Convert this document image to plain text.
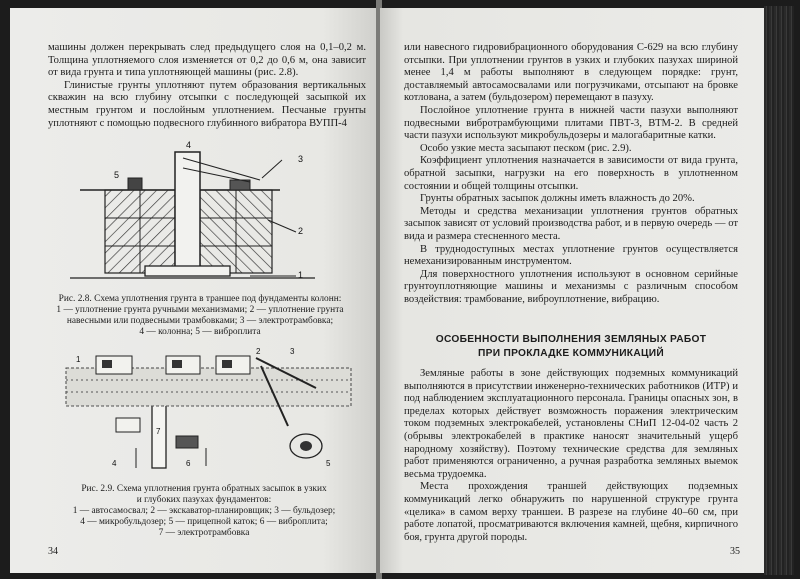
машины должен перекрывать след предыдущего слоя на 0,1–0,2 м. Толщина уплотняемого слоя изменяется от 0,2 до 0,6 м, она зависит от вида грунта и типа уплотняющей машины (рис. 2.8).

Глинистые грунты уплотняют путем образования вертикальных скважин на всю глубину отсыпки с последующей засыпкой их местным грунтом и послойным уплотнением. Песчаные грунты уплотняют с помощью подвесного глубинного вибратора ВУПП-4

5
4
3
2
1

Рис. 2.8. Схема уплотнения грунта в траншее под фундаменты колонн:

1 — уплотнение грунта ручными механизмами; 2 — уплотнение грунта

навесными или подвесными трамбовками; 3 — электротрамбовка;

4 — колонна; 5 — виброплита

1
2	3
4	5
6
7

Рис. 2.9. Схема уплотнения грунта обратных засыпок в узких

и глубоких пазухах фундаментов:

1 — автосамосвал; 2 — экскаватор-планировщик; 3 — бульдозер;

4 — микробульдозер; 5 — прицепной каток; 6 — виброплита;

7 — электротрамбовка

34

или навесного гидровибрационного оборудования С-629 на всю глубину отсыпки. При уплотнении грунтов в узких и глубоких пазухах шириной менее 1,4 м работы выполняют в следующем порядке: грунт, доставляемый автосамосвалами или погрузчиками, отсыпают на бровке котлована, а затем (бульдозером) перемещают в пазуху.

Послойное уплотнение грунта в нижней части пазухи выполняют подвесными вибротрамбующими плитами ПВТ-3, ВТМ-2. В средней части пазухи используют микробульдозеры и малогабаритные катки.

Особо узкие места засыпают песком (рис. 2.9).

Коэффициент уплотнения назначается в зависимости от вида грунта, обратной засыпки, нагрузки на его поверхность в уплотненном состоянии и общей толщины отсыпки.

Грунты обратных засыпок должны иметь влажность до 20%.

Методы и средства механизации уплотнения грунтов обратных засыпок зависят от условий производства работ, и в первую очередь — от вида и размера стесненного места.

В труднодоступных местах уплотнение грунтов осуществляется немеханизированным инструментом.

Для поверхностного уплотнения используют в основном серийные грунтоуплотняющие машины и механизмы с различным способом воздействия: трамбование, виброуплотнение, вибрацию.

ОСОБЕННОСТИ ВЫПОЛНЕНИЯ ЗЕМЛЯНЫХ РАБОТ
ПРИ ПРОКЛАДКЕ КОММУНИКАЦИЙ

Земляные работы в зоне действующих подземных коммуникаций выполняются в присутствии инженерно-технических работников (ИТР) и под наблюдением эксплуатационного персонала. Границы опасных зон, в пределах которых действует возможность поражения электрическим током подземных электрокабелей, установлены СНиП 12-04-02 часть 2 (обрывы электрокабелей в практике наносят значительный ущерб народному хозяйству). Поэтому технические средства для земляных работ применяются ограниченно, а ручная разработка земляных выемок весьма трудоемка.

Места прохождения траншей действующих подземных коммуникаций легко обнаружить по нарушенной структуре грунта «целика» в самом верху траншеи. В разрезе на глубине 40–60 см, при работе лопатой, просматриваются включения камней, щебня, кирпичного боя, грунта другой породы.

35
